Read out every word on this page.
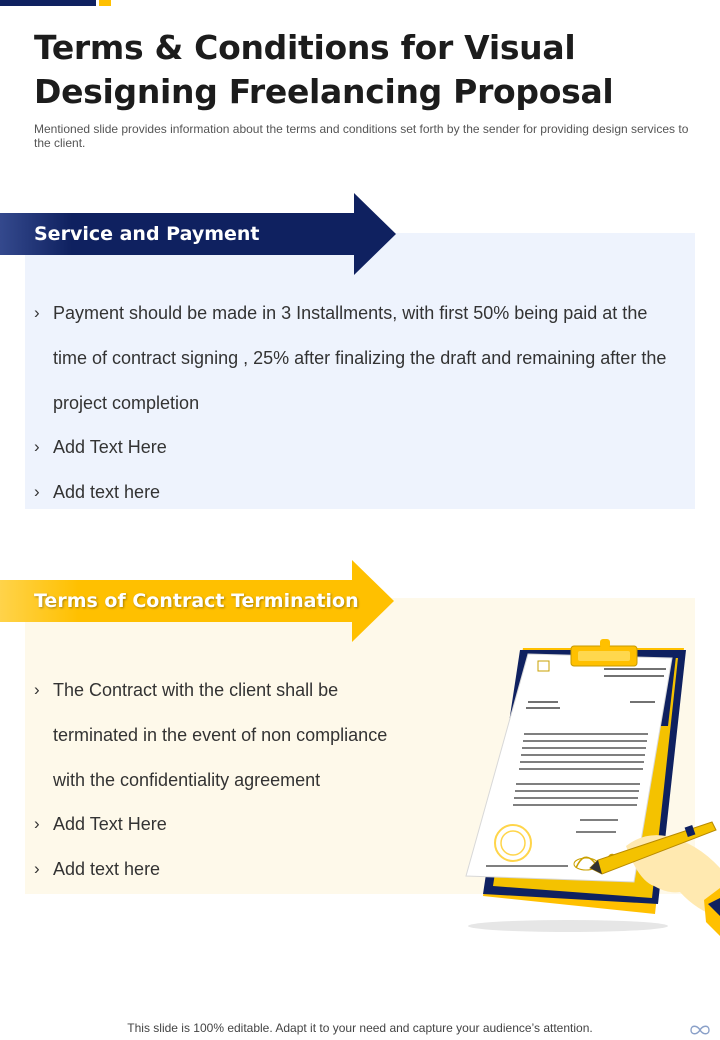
Terms & Conditions for Visual Designing Freelancing Proposal

Mentioned slide provides information about the terms and conditions set forth by the sender for providing design services to the client.

Service and Payment
› Payment should be made in 3 Installments, with first 50% being paid at the time of contract signing , 25% after finalizing the draft and remaining after the project completion
› Add Text Here
› Add text here
Terms of Contract Termination
› The Contract with the client shall be terminated in the event of non compliance with the confidentiality agreement
› Add Text Here
› Add text here

This slide is 100% editable. Adapt it to your need and capture your audience’s attention.
